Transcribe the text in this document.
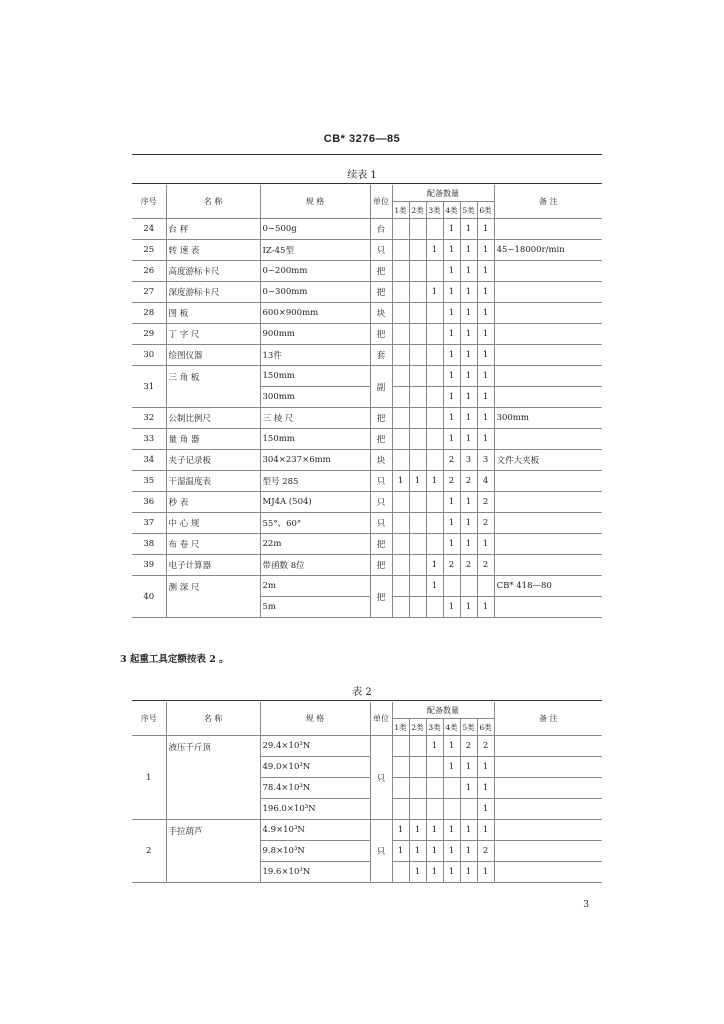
CB* 3276—85
续表 1
序号	名 称	规 格	单位	配备数量						备 注
				1类	2类	3类	4类	5类	6类	
24	台 秤	0~500g	台				1	1	1	
25	转 速 表	IZ-45型	只			1	1	1	1	45~18000r/min
26	高度游标卡尺	0~200mm	把				1	1	1	
27	深度游标卡尺	0~300mm	把			1	1	1	1	
28	图 板	600×900mm	块				1	1	1	
29	丁 字 尺	900mm	把				1	1	1	
30	绘图仪器	13件	套				1	1	1	
31	三 角 板	150mm	副				1	1	1	
		300mm					1	1	1	
32	公制比例尺	三 棱 尺	把				1	1	1	300mm
33	量 角 器	150mm	把				1	1	1	
34	夹子记录板	304×237×6mm	块				2	3	3	文件大夹板
35	干湿温度表	型号 285	只	1	1	1	2	2	4	
36	秒 表	MJ4A (504)	只				1	1	2	
37	中 心 规	55°、60°	只				1	1	2	
38	布 卷 尺	22m	把				1	1	1	
39	电子计算器	带函数 8位	把			1	2	2	2	
40	测 深 尺	2m	把			1				CB* 418—80
		5m					1	1	1	
3 起重工具定额按表 2 。
表 2
序号	名 称	规 格	单位	配备数量						备 注
				1类	2类	3类	4类	5类	6类	
1	液压千斤顶	29.4×10³N	只			1	1	2	2	
		49.0×10³N					1	1	1	
		78.4×10³N						1	1	
		196.0×10³N							1	
2	手拉葫芦	4.9×10³N	只	1	1	1	1	1	1	
		9.8×10³N		1	1	1	1	1	2	
		19.6×10³N			1	1	1	1	1	
3
